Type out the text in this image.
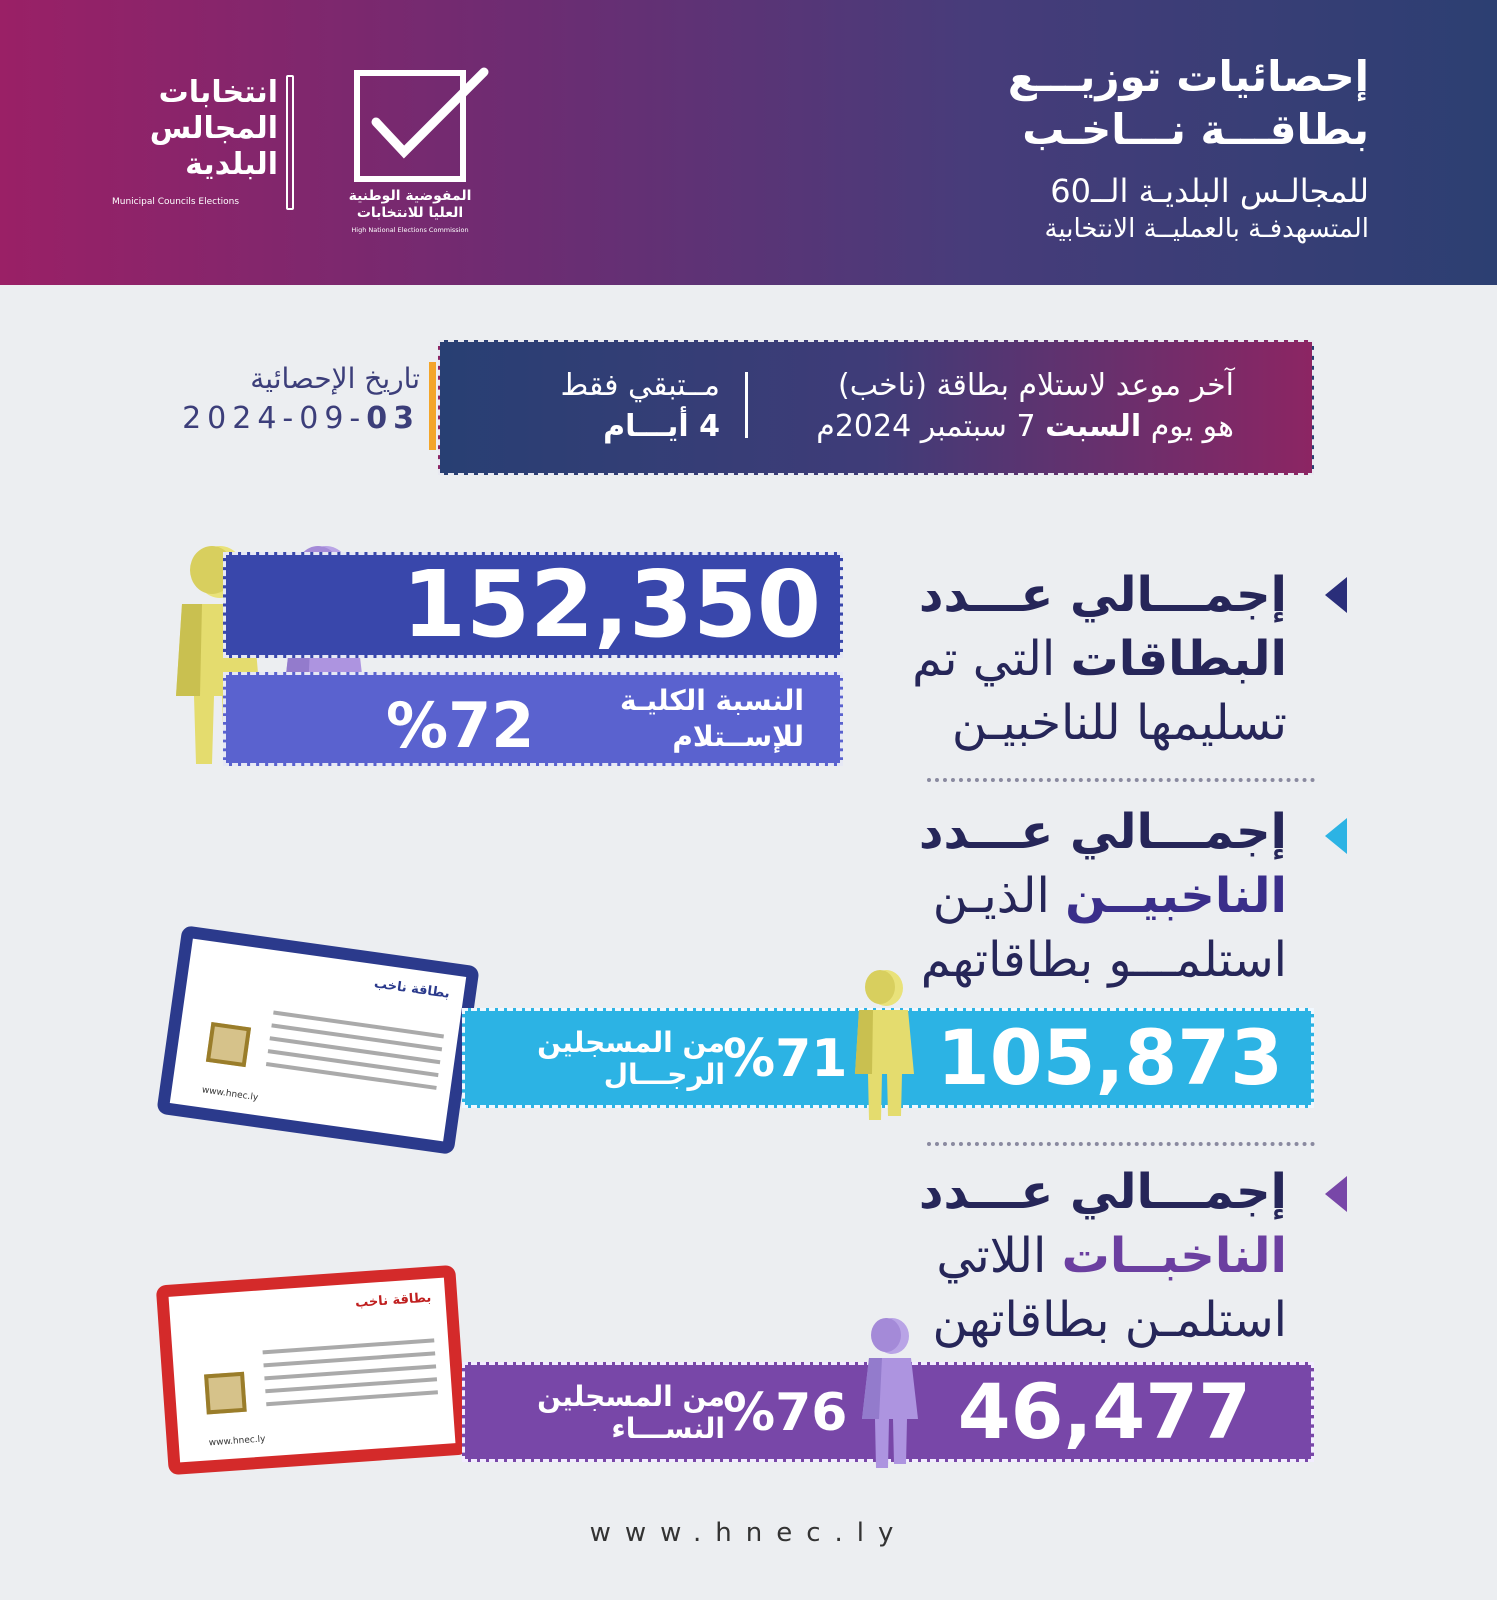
إحصائيات توزيـــع
بطاقـــة نـــاخـب
للمجالـس البلديـة الــ60
المتسهدفـة بالعمليــة الانتخابية
المفوضية الوطنية العليا للانتخابات
High National Elections Commission
انتخابات المجالس البلدية
Municipal Councils Elections
آخر موعد لاستلام بطاقة (ناخب)
هو يوم السبت 7 سبتمبر 2024م
مــتبقي فقط
4 أيـــام
تاريخ الإحصائية
2024-09-03
إجمـــالي عـــدد
البطاقات التي تم
تسليمها للناخبيـن
152,350
%72	النسبة الكليـة
للإســتلام
إجمـــالي عـــدد
الناخبيــن الذيـن
استلمـــو بطاقاتهم
بطاقة ناخب
www.hnec.ly	105,873
%71
من المسجلين
الرجـــال
إجمـــالي عـــدد
الناخبــات اللاتي
استلمـن بطاقاتهن
بطاقة ناخب
www.hnec.ly	46,477
%76
من المسجلين
النســـاء
www.hnec.ly
